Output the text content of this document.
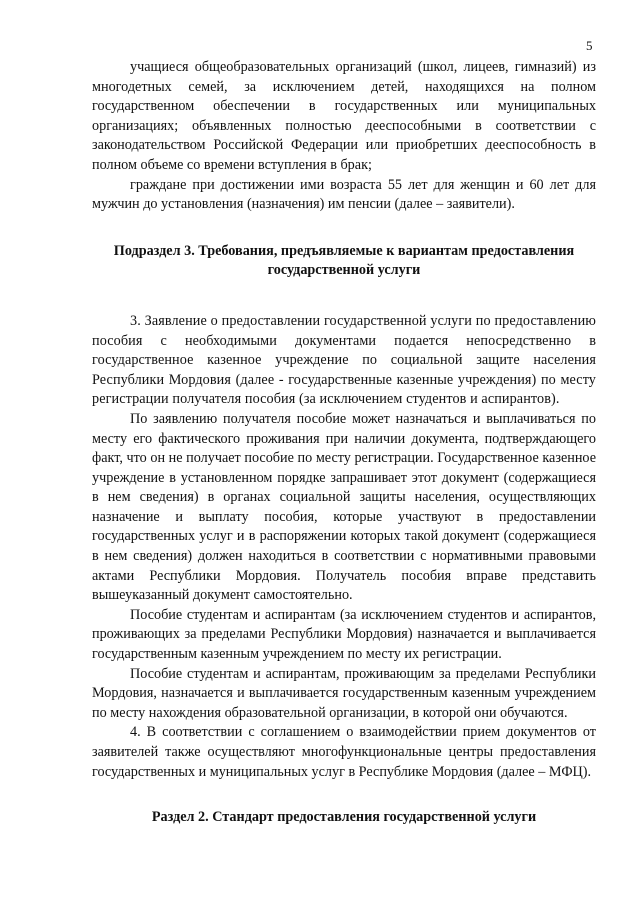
5

учащиеся общеобразовательных организаций (школ, лицеев, гимназий) из многодетных семей, за исключением детей, находящихся на полном государственном обеспечении в государственных или муниципальных организациях; объявленных полностью дееспособными в соответствии с законодательством Российской Федерации или приобретших дееспособность в полном объеме со времени вступления в брак;

граждане при достижении ими возраста 55 лет для женщин и 60 лет для мужчин до установления (назначения) им пенсии (далее – заявители).

Подраздел 3. Требования, предъявляемые к вариантам предоставления государственной услуги

3. Заявление о предоставлении государственной услуги по предоставлению пособия с необходимыми документами подается непосредственно в государственное казенное учреждение по социальной защите населения Республики Мордовия (далее - государственные казенные учреждения) по месту регистрации получателя пособия (за исключением студентов и аспирантов).

По заявлению получателя пособие может назначаться и выплачиваться по месту его фактического проживания при наличии документа, подтверждающего факт, что он не получает пособие по месту регистрации. Государственное казенное учреждение в установленном порядке запрашивает этот документ (содержащиеся в нем сведения) в органах социальной защиты населения, осуществляющих назначение и выплату пособия, которые участвуют в предоставлении государственных услуг и в распоряжении которых такой документ (содержащиеся в нем сведения) должен находиться в соответствии с нормативными правовыми актами Республики Мордовия. Получатель пособия вправе представить вышеуказанный документ самостоятельно.

Пособие студентам и аспирантам (за исключением студентов и аспирантов, проживающих за пределами Республики Мордовия) назначается и выплачивается государственным казенным учреждением по месту их регистрации.

Пособие студентам и аспирантам, проживающим за пределами Республики Мордовия, назначается и выплачивается государственным казенным учреждением по месту нахождения образовательной организации, в которой они обучаются.

4. В соответствии с соглашением о взаимодействии прием документов от заявителей также осуществляют многофункциональные центры предоставления государственных и муниципальных услуг в Республике Мордовия (далее – МФЦ).

Раздел 2. Стандарт предоставления государственной услуги
